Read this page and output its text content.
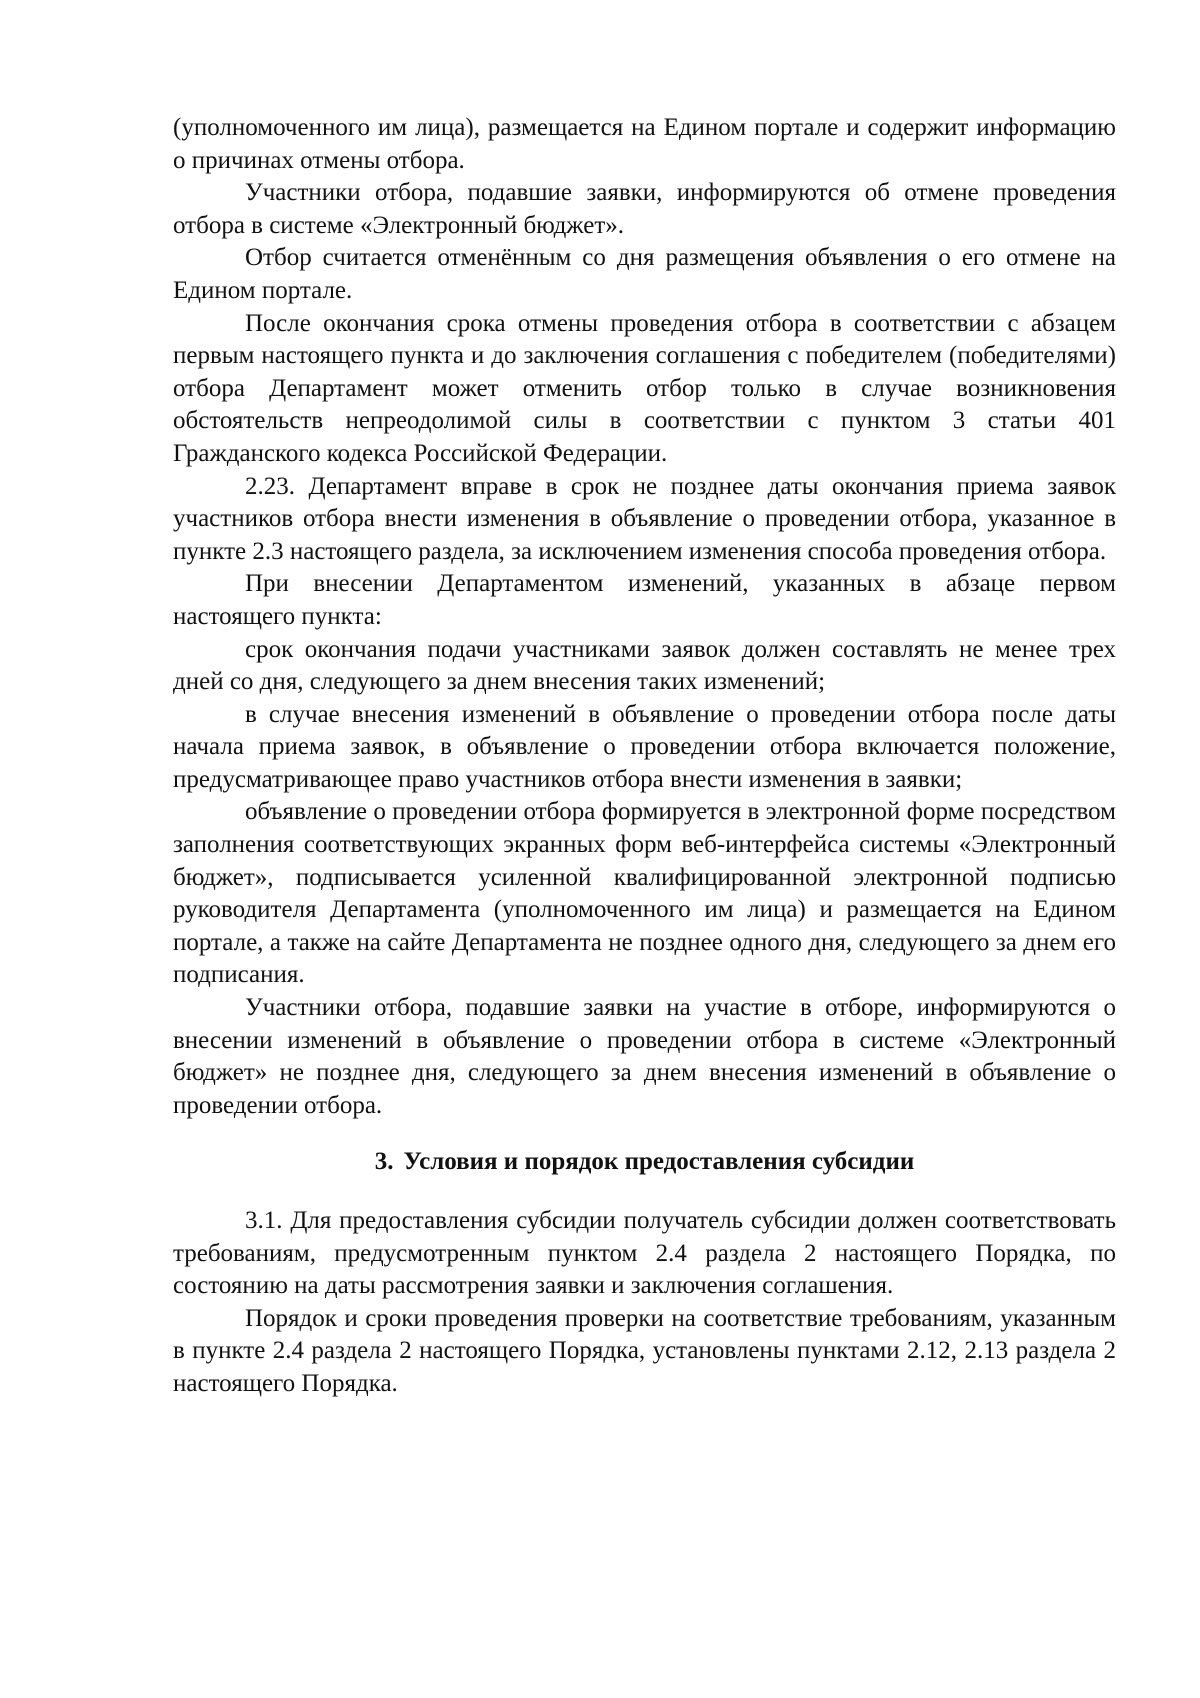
(уполномоченного им лица), размещается на Едином портале и содержит информацию о причинах отмены отбора.

Участники отбора, подавшие заявки, информируются об отмене проведения отбора в системе «Электронный бюджет».

Отбор считается отменённым со дня размещения объявления о его отмене на Едином портале.

После окончания срока отмены проведения отбора в соответствии с абзацем первым настоящего пункта и до заключения соглашения с победителем (победителями) отбора Департамент может отменить отбор только в случае возникновения обстоятельств непреодолимой силы в соответствии с пунктом 3 статьи 401 Гражданского кодекса Российской Федерации.

2.23. Департамент вправе в срок не позднее даты окончания приема заявок участников отбора внести изменения в объявление о проведении отбора, указанное в пункте 2.3 настоящего раздела, за исключением изменения способа проведения отбора.

При внесении Департаментом изменений, указанных в абзаце первом настоящего пункта:

срок окончания подачи участниками заявок должен составлять не менее трех дней со дня, следующего за днем внесения таких изменений;

в случае внесения изменений в объявление о проведении отбора после даты начала приема заявок, в объявление о проведении отбора включается положение, предусматривающее право участников отбора внести изменения в заявки;

объявление о проведении отбора формируется в электронной форме посредством заполнения соответствующих экранных форм веб-интерфейса системы «Электронный бюджет», подписывается усиленной квалифицированной электронной подписью руководителя Департамента (уполномоченного им лица) и размещается на Едином портале, а также на сайте Департамента не позднее одного дня, следующего за днем его подписания.

Участники отбора, подавшие заявки на участие в отборе, информируются о внесении изменений в объявление о проведении отбора в системе «Электронный бюджет» не позднее дня, следующего за днем внесения изменений в объявление о проведении отбора.

3. Условия и порядок предоставления субсидии

3.1. Для предоставления субсидии получатель субсидии должен соответствовать требованиям, предусмотренным пунктом 2.4 раздела 2 настоящего Порядка, по состоянию на даты рассмотрения заявки и заключения соглашения.

Порядок и сроки проведения проверки на соответствие требованиям, указанным в пункте 2.4 раздела 2 настоящего Порядка, установлены пунктами 2.12, 2.13 раздела 2 настоящего Порядка.
